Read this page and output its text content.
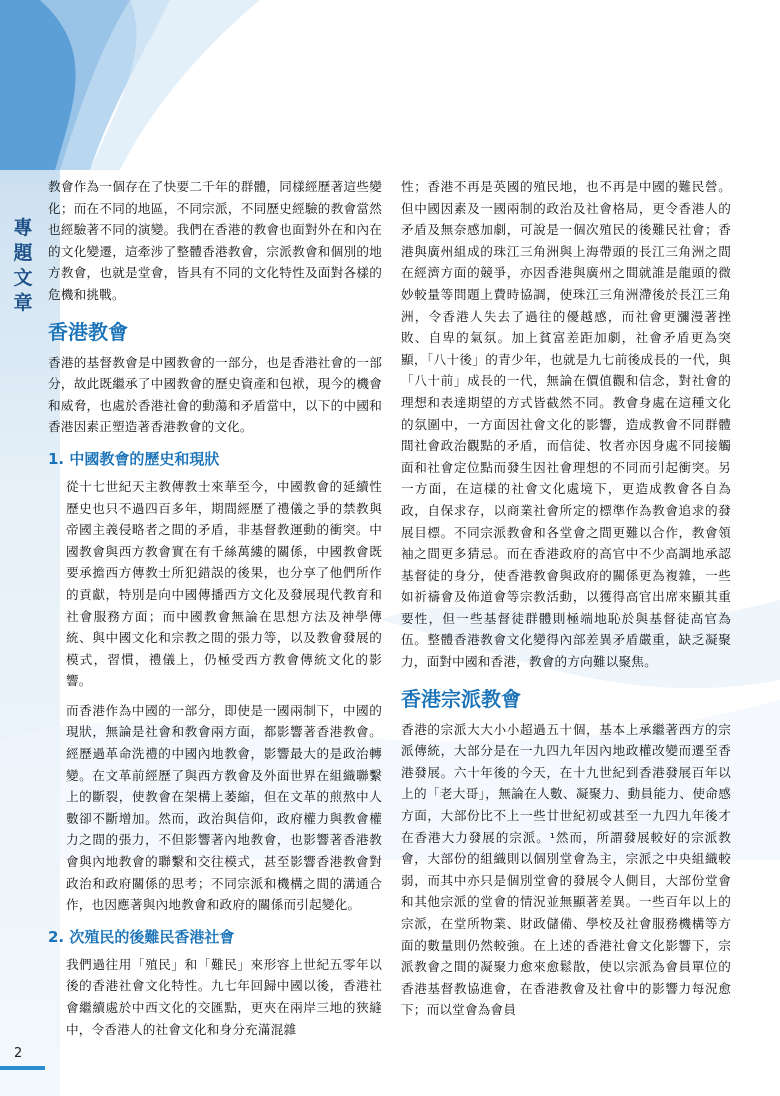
專
題
文
章

教會作為一個存在了快要二千年的群體，同樣經歷著這些變化；而在不同的地區，不同宗派，不同歷史經驗的教會當然也經驗著不同的演變。我們在香港的教會也面對外在和內在的文化變遷，這牽涉了整體香港教會，宗派教會和個別的地方教會，也就是堂會，皆具有不同的文化特性及面對各樣的危機和挑戰。

香港教會

香港的基督教會是中國教會的一部分，也是香港社會的一部分，故此既繼承了中國教會的歷史資產和包袱，現今的機會和威脅，也處於香港社會的動蕩和矛盾當中，以下的中國和香港因素正塑造著香港教會的文化。

1. 中國教會的歷史和現狀

從十七世紀天主教傳教士來華至今，中國教會的延續性歷史也只不過四百多年，期間經歷了禮儀之爭的禁教與帝國主義侵略者之間的矛盾，非基督教運動的衝突。中國教會與西方教會實在有千絲萬縷的關係，中國教會既要承擔西方傳教士所犯錯誤的後果，也分享了他們所作的貢獻，特別是向中國傳播西方文化及發展現代教育和社會服務方面；而中國教會無論在思想方法及神學傳統、與中國文化和宗教之間的張力等，以及教會發展的模式，習慣，禮儀上，仍極受西方教會傳統文化的影響。

而香港作為中國的一部分，即使是一國兩制下，中國的現狀，無論是社會和教會兩方面，都影響著香港教會。經歷過革命洗禮的中國內地教會，影響最大的是政治轉變。在文革前經歷了與西方教會及外面世界在組織聯繫上的斷裂，使教會在架構上萎縮，但在文革的煎熬中人數卻不斷增加。然而，政治與信仰，政府權力與教會權力之間的張力，不但影響著內地教會，也影響著香港教會與內地教會的聯繫和交往模式，甚至影響香港教會對政治和政府關係的思考；不同宗派和機構之間的溝通合作，也因應著與內地教會和政府的關係而引起變化。

2. 次殖民的後難民香港社會

我們過往用「殖民」和「難民」來形容上世紀五零年以後的香港社會文化特性。九七年回歸中國以後，香港社會繼續處於中西文化的交匯點，更夾在兩岸三地的狹縫中，令香港人的社會文化和身分充滿混雜

性；香港不再是英國的殖民地，也不再是中國的難民營。但中國因素及一國兩制的政治及社會格局，更令香港人的矛盾及無奈感加劇，可說是一個次殖民的後難民社會；香港與廣州組成的珠江三角洲與上海帶頭的長江三角洲之間在經濟方面的競爭，亦因香港與廣州之間就誰是龍頭的微妙較量等問題上費時協調，使珠江三角洲滯後於長江三角洲，令香港人失去了過往的優越感，而社會更瀰漫著挫敗、自卑的氣氛。加上貧富差距加劇，社會矛盾更為突顯，「八十後」的青少年，也就是九七前後成長的一代，與「八十前」成長的一代，無論在價值觀和信念，對社會的理想和表達期望的方式皆截然不同。教會身處在這種文化的氛圍中，一方面因社會文化的影響，造成教會不同群體間社會政治觀點的矛盾，而信徒、牧者亦因身處不同接觸面和社會定位點而發生因社會理想的不同而引起衝突。另一方面，在這樣的社會文化處境下，更造成教會各自為政，自保求存，以商業社會所定的標準作為教會追求的發展目標。不同宗派教會和各堂會之間更難以合作，教會領袖之間更多猜忌。而在香港政府的高官中不少高調地承認基督徒的身分，使香港教會與政府的關係更為複雜，一些如祈禱會及佈道會等宗教活動，以獲得高官出席來顯其重要性，但一些基督徒群體則極端地恥於與基督徒高官為伍。整體香港教會文化變得內部差異矛盾嚴重，缺乏凝聚力，面對中國和香港，教會的方向難以聚焦。

香港宗派教會

香港的宗派大大小小超過五十個，基本上承繼著西方的宗派傳統，大部分是在一九四九年因內地政權改變而遷至香港發展。六十年後的今天，在十九世紀到香港發展百年以上的「老大哥」，無論在人數、凝聚力、動員能力、使命感方面，大部份比不上一些廿世紀初或甚至一九四九年後才在香港大力發展的宗派。¹然而，所謂發展較好的宗派教會，大部份的組織則以個別堂會為主，宗派之中央組織較弱，而其中亦只是個別堂會的發展令人側目，大部份堂會和其他宗派的堂會的情況並無顯著差異。一些百年以上的宗派，在堂所物業、財政儲備、學校及社會服務機構等方面的數量則仍然較強。在上述的香港社會文化影響下，宗派教會之間的凝聚力愈來愈鬆散，使以宗派為會員單位的香港基督教協進會，在香港教會及社會中的影響力每況愈下；而以堂會為會員

2
